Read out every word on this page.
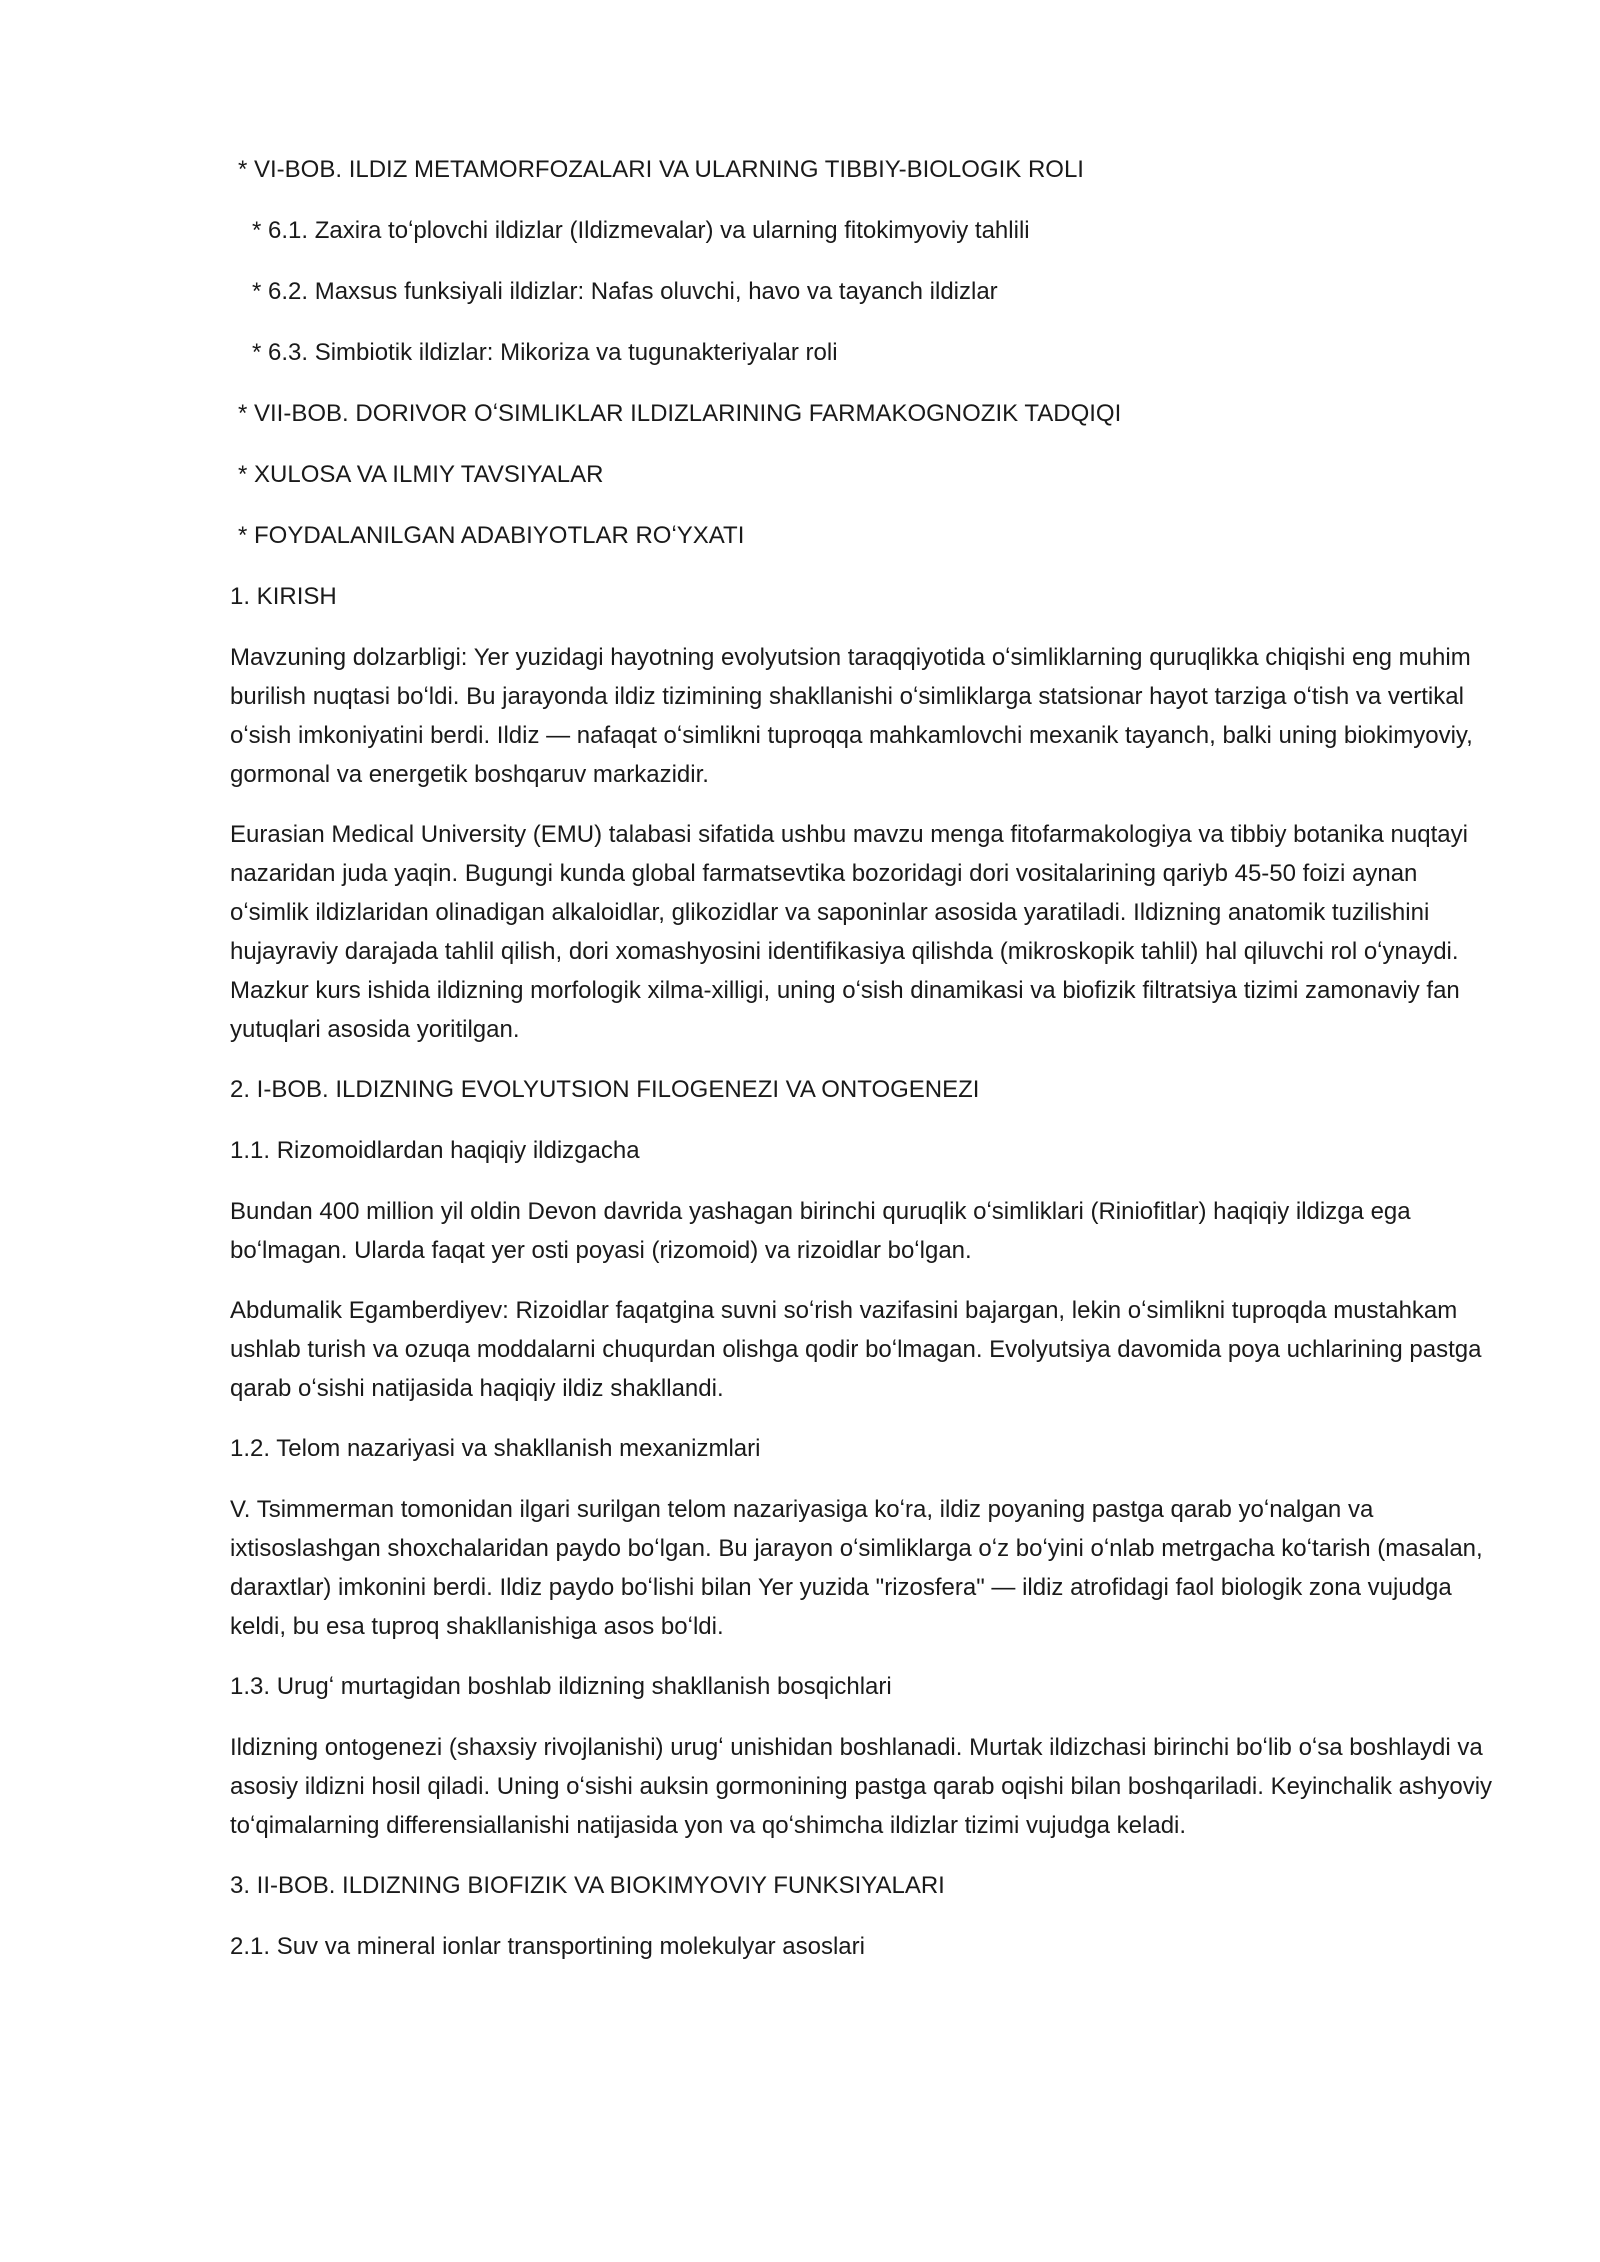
* VI-BOB. ILDIZ METAMORFOZALARI VA ULARNING TIBBIY-BIOLOGIK ROLI
* 6.1. Zaxira toʻplovchi ildizlar (Ildizmevalar) va ularning fitokimyoviy tahlili
* 6.2. Maxsus funksiyali ildizlar: Nafas oluvchi, havo va tayanch ildizlar
* 6.3. Simbiotik ildizlar: Mikoriza va tugunakteriyalar roli
* VII-BOB. DORIVOR OʻSIMLIKLAR ILDIZLARINING FARMAKOGNOZIK TADQIQI
* XULOSA VA ILMIY TAVSIYALAR
* FOYDALANILGAN ADABIYOTLAR ROʻYXATI
1. KIRISH

Mavzuning dolzarbligi: Yer yuzidagi hayotning evolyutsion taraqqiyotida oʻsimliklarning quruqlikka chiqishi eng muhim burilish nuqtasi boʻldi. Bu jarayonda ildiz tizimining shakllanishi oʻsimliklarga statsionar hayot tarziga oʻtish va vertikal oʻsish imkoniyatini berdi. Ildiz — nafaqat oʻsimlikni tuproqqa mahkamlovchi mexanik tayanch, balki uning biokimyoviy, gormonal va energetik boshqaruv markazidir.

Eurasian Medical University (EMU) talabasi sifatida ushbu mavzu menga fitofarmakologiya va tibbiy botanika nuqtayi nazaridan juda yaqin. Bugungi kunda global farmatsevtika bozoridagi dori vositalarining qariyb 45-50 foizi aynan oʻsimlik ildizlaridan olinadigan alkaloidlar, glikozidlar va saponinlar asosida yaratiladi. Ildizning anatomik tuzilishini hujayraviy darajada tahlil qilish, dori xomashyosini identifikasiya qilishda (mikroskopik tahlil) hal qiluvchi rol oʻynaydi. Mazkur kurs ishida ildizning morfologik xilma-xilligi, uning oʻsish dinamikasi va biofizik filtratsiya tizimi zamonaviy fan yutuqlari asosida yoritilgan.

2. I-BOB. ILDIZNING EVOLYUTSION FILOGENEZI VA ONTOGENEZI
1.1. Rizomoidlardan haqiqiy ildizgacha

Bundan 400 million yil oldin Devon davrida yashagan birinchi quruqlik oʻsimliklari (Riniofitlar) haqiqiy ildizga ega boʻlmagan. Ularda faqat yer osti poyasi (rizomoid) va rizoidlar boʻlgan.

Abdumalik Egamberdiyev: Rizoidlar faqatgina suvni soʻrish vazifasini bajargan, lekin oʻsimlikni tuproqda mustahkam ushlab turish va ozuqa moddalarni chuqurdan olishga qodir boʻlmagan. Evolyutsiya davomida poya uchlarining pastga qarab oʻsishi natijasida haqiqiy ildiz shakllandi.

1.2. Telom nazariyasi va shakllanish mexanizmlari

V. Tsimmerman tomonidan ilgari surilgan telom nazariyasiga koʻra, ildiz poyaning pastga qarab yoʻnalgan va ixtisoslashgan shoxchalaridan paydo boʻlgan. Bu jarayon oʻsimliklarga oʻz boʻyini oʻnlab metrgacha koʻtarish (masalan, daraxtlar) imkonini berdi. Ildiz paydo boʻlishi bilan Yer yuzida "rizosfera" — ildiz atrofidagi faol biologik zona vujudga keldi, bu esa tuproq shakllanishiga asos boʻldi.

1.3. Urugʻ murtagidan boshlab ildizning shakllanish bosqichlari

Ildizning ontogenezi (shaxsiy rivojlanishi) urugʻ unishidan boshlanadi. Murtak ildizchasi birinchi boʻlib oʻsa boshlaydi va asosiy ildizni hosil qiladi. Uning oʻsishi auksin gormonining pastga qarab oqishi bilan boshqariladi. Keyinchalik ashyoviy toʻqimalarning differensiallanishi natijasida yon va qoʻshimcha ildizlar tizimi vujudga keladi.

3. II-BOB. ILDIZNING BIOFIZIK VA BIOKIMYOVIY FUNKSIYALARI
2.1. Suv va mineral ionlar transportining molekulyar asoslari
